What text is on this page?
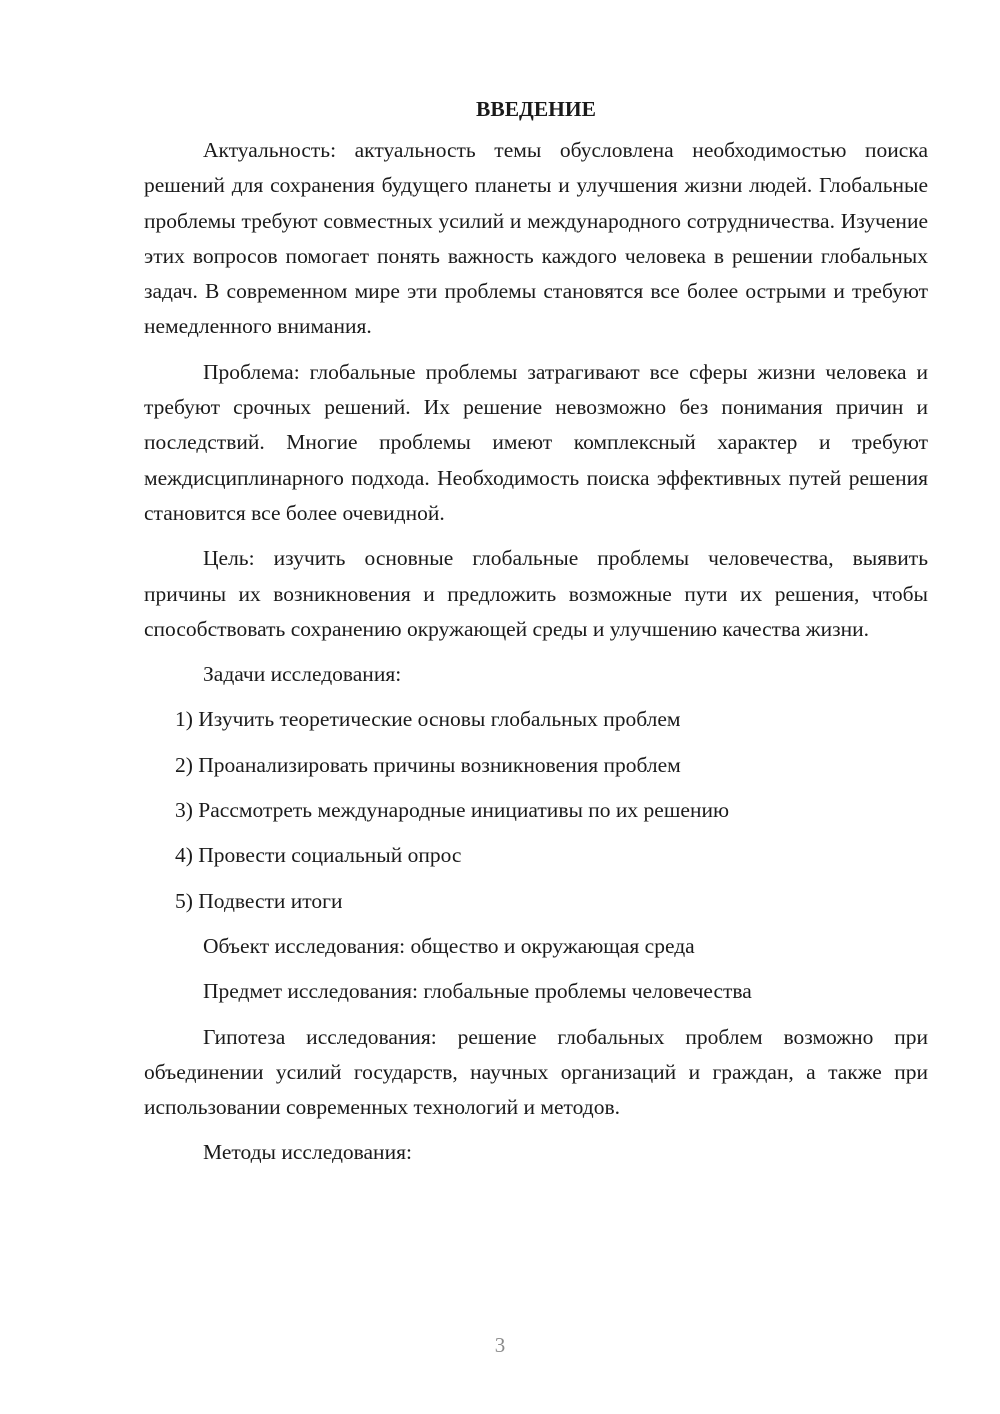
ВВЕДЕНИЕ

Актуальность: актуальность темы обусловлена необходимостью поиска решений для сохранения будущего планеты и улучшения жизни людей. Глобальные проблемы требуют совместных усилий и международного сотрудничества. Изучение этих вопросов помогает понять важность каждого человека в решении глобальных задач. В современном мире эти проблемы становятся все более острыми и требуют немедленного внимания.

Проблема: глобальные проблемы затрагивают все сферы жизни человека и требуют срочных решений. Их решение невозможно без понимания причин и последствий. Многие проблемы имеют комплексный характер и требуют междисциплинарного подхода. Необходимость поиска эффективных путей решения становится все более очевидной.

Цель: изучить основные глобальные проблемы человечества, выявить причины их возникновения и предложить возможные пути их решения, чтобы способствовать сохранению окружающей среды и улучшению качества жизни.

Задачи исследования:

1) Изучить теоретические основы глобальных проблем
2) Проанализировать причины возникновения проблем
3) Рассмотреть международные инициативы по их решению
4) Провести социальный опрос
5) Подвести итоги

Объект исследования: общество и окружающая среда

Предмет исследования: глобальные проблемы человечества

Гипотеза исследования: решение глобальных проблем возможно при объединении усилий государств, научных организаций и граждан, а также при использовании современных технологий и методов.

Методы исследования:

3
